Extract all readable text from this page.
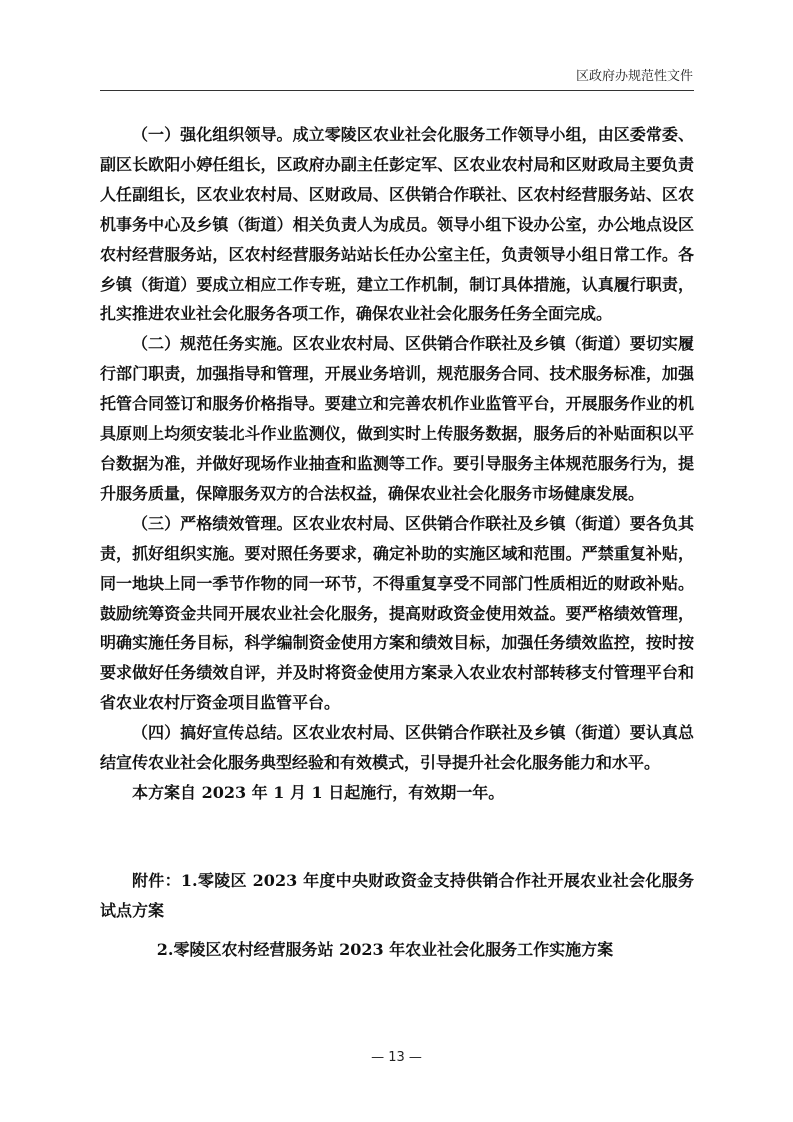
区政府办规范性文件

（一）强化组织领导。成立零陵区农业社会化服务工作领导小组，由区委常委、副区长欧阳小婷任组长，区政府办副主任彭定军、区农业农村局和区财政局主要负责人任副组长，区农业农村局、区财政局、区供销合作联社、区农村经营服务站、区农机事务中心及乡镇（街道）相关负责人为成员。领导小组下设办公室，办公地点设区农村经营服务站，区农村经营服务站站长任办公室主任，负责领导小组日常工作。各乡镇（街道）要成立相应工作专班，建立工作机制，制订具体措施，认真履行职责，扎实推进农业社会化服务各项工作，确保农业社会化服务任务全面完成。

（二）规范任务实施。区农业农村局、区供销合作联社及乡镇（街道）要切实履行部门职责，加强指导和管理，开展业务培训，规范服务合同、技术服务标准，加强托管合同签订和服务价格指导。要建立和完善农机作业监管平台，开展服务作业的机具原则上均须安装北斗作业监测仪，做到实时上传服务数据，服务后的补贴面积以平台数据为准，并做好现场作业抽查和监测等工作。要引导服务主体规范服务行为，提升服务质量，保障服务双方的合法权益，确保农业社会化服务市场健康发展。

（三）严格绩效管理。区农业农村局、区供销合作联社及乡镇（街道）要各负其责，抓好组织实施。要对照任务要求，确定补助的实施区域和范围。严禁重复补贴，同一地块上同一季节作物的同一环节，不得重复享受不同部门性质相近的财政补贴。鼓励统筹资金共同开展农业社会化服务，提高财政资金使用效益。要严格绩效管理，明确实施任务目标，科学编制资金使用方案和绩效目标，加强任务绩效监控，按时按要求做好任务绩效自评，并及时将资金使用方案录入农业农村部转移支付管理平台和省农业农村厅资金项目监管平台。

（四）搞好宣传总结。区农业农村局、区供销合作联社及乡镇（街道）要认真总结宣传农业社会化服务典型经验和有效模式，引导提升社会化服务能力和水平。

本方案自 2023 年 1 月 1 日起施行，有效期一年。

附件：1.零陵区 2023 年度中央财政资金支持供销合作社开展农业社会化服务试点方案

2.零陵区农村经营服务站 2023 年农业社会化服务工作实施方案

— 13 —
